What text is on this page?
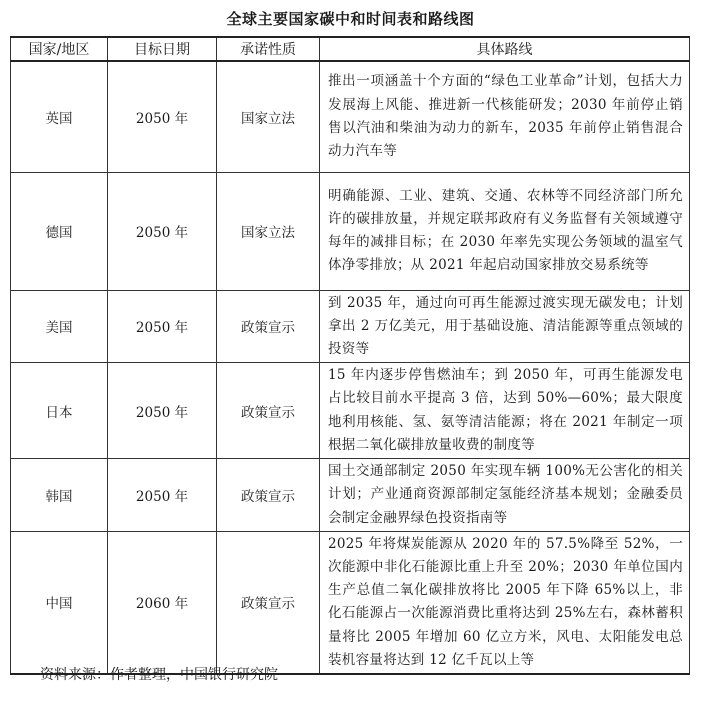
全球主要国家碳中和时间表和路线图
国家/地区	目标日期	承诺性质	具体路线
英国	2050 年	国家立法	推出一项涵盖十个方面的“绿色工业革命”计划，包括大力发展海上风能、推进新一代核能研发；2030 年前停止销售以汽油和柴油为动力的新车，2035 年前停止销售混合动力汽车等
德国	2050 年	国家立法	明确能源、工业、建筑、交通、农林等不同经济部门所允许的碳排放量，并规定联邦政府有义务监督有关领域遵守每年的减排目标；在 2030 年率先实现公务领域的温室气体净零排放；从 2021 年起启动国家排放交易系统等
美国	2050 年	政策宣示	到 2035 年，通过向可再生能源过渡实现无碳发电；计划拿出 2 万亿美元，用于基础设施、清洁能源等重点领域的投资等
日本	2050 年	政策宣示	15 年内逐步停售燃油车；到 2050 年，可再生能源发电占比较目前水平提高 3 倍，达到 50%—60%；最大限度地利用核能、氢、氨等清洁能源；将在 2021 年制定一项根据二氧化碳排放量收费的制度等
韩国	2050 年	政策宣示	国土交通部制定 2050 年实现车辆 100%无公害化的相关计划；产业通商资源部制定氢能经济基本规划；金融委员会制定金融界绿色投资指南等
中国	2060 年	政策宣示	2025 年将煤炭能源从 2020 年的 57.5%降至 52%，一次能源中非化石能源比重上升至 20%；2030 年单位国内生产总值二氧化碳排放将比 2005 年下降 65%以上，非化石能源占一次能源消费比重将达到 25%左右，森林蓄积量将比 2005 年增加 60 亿立方米，风电、太阳能发电总装机容量将达到 12 亿千瓦以上等
资料来源：作者整理，中国银行研究院
